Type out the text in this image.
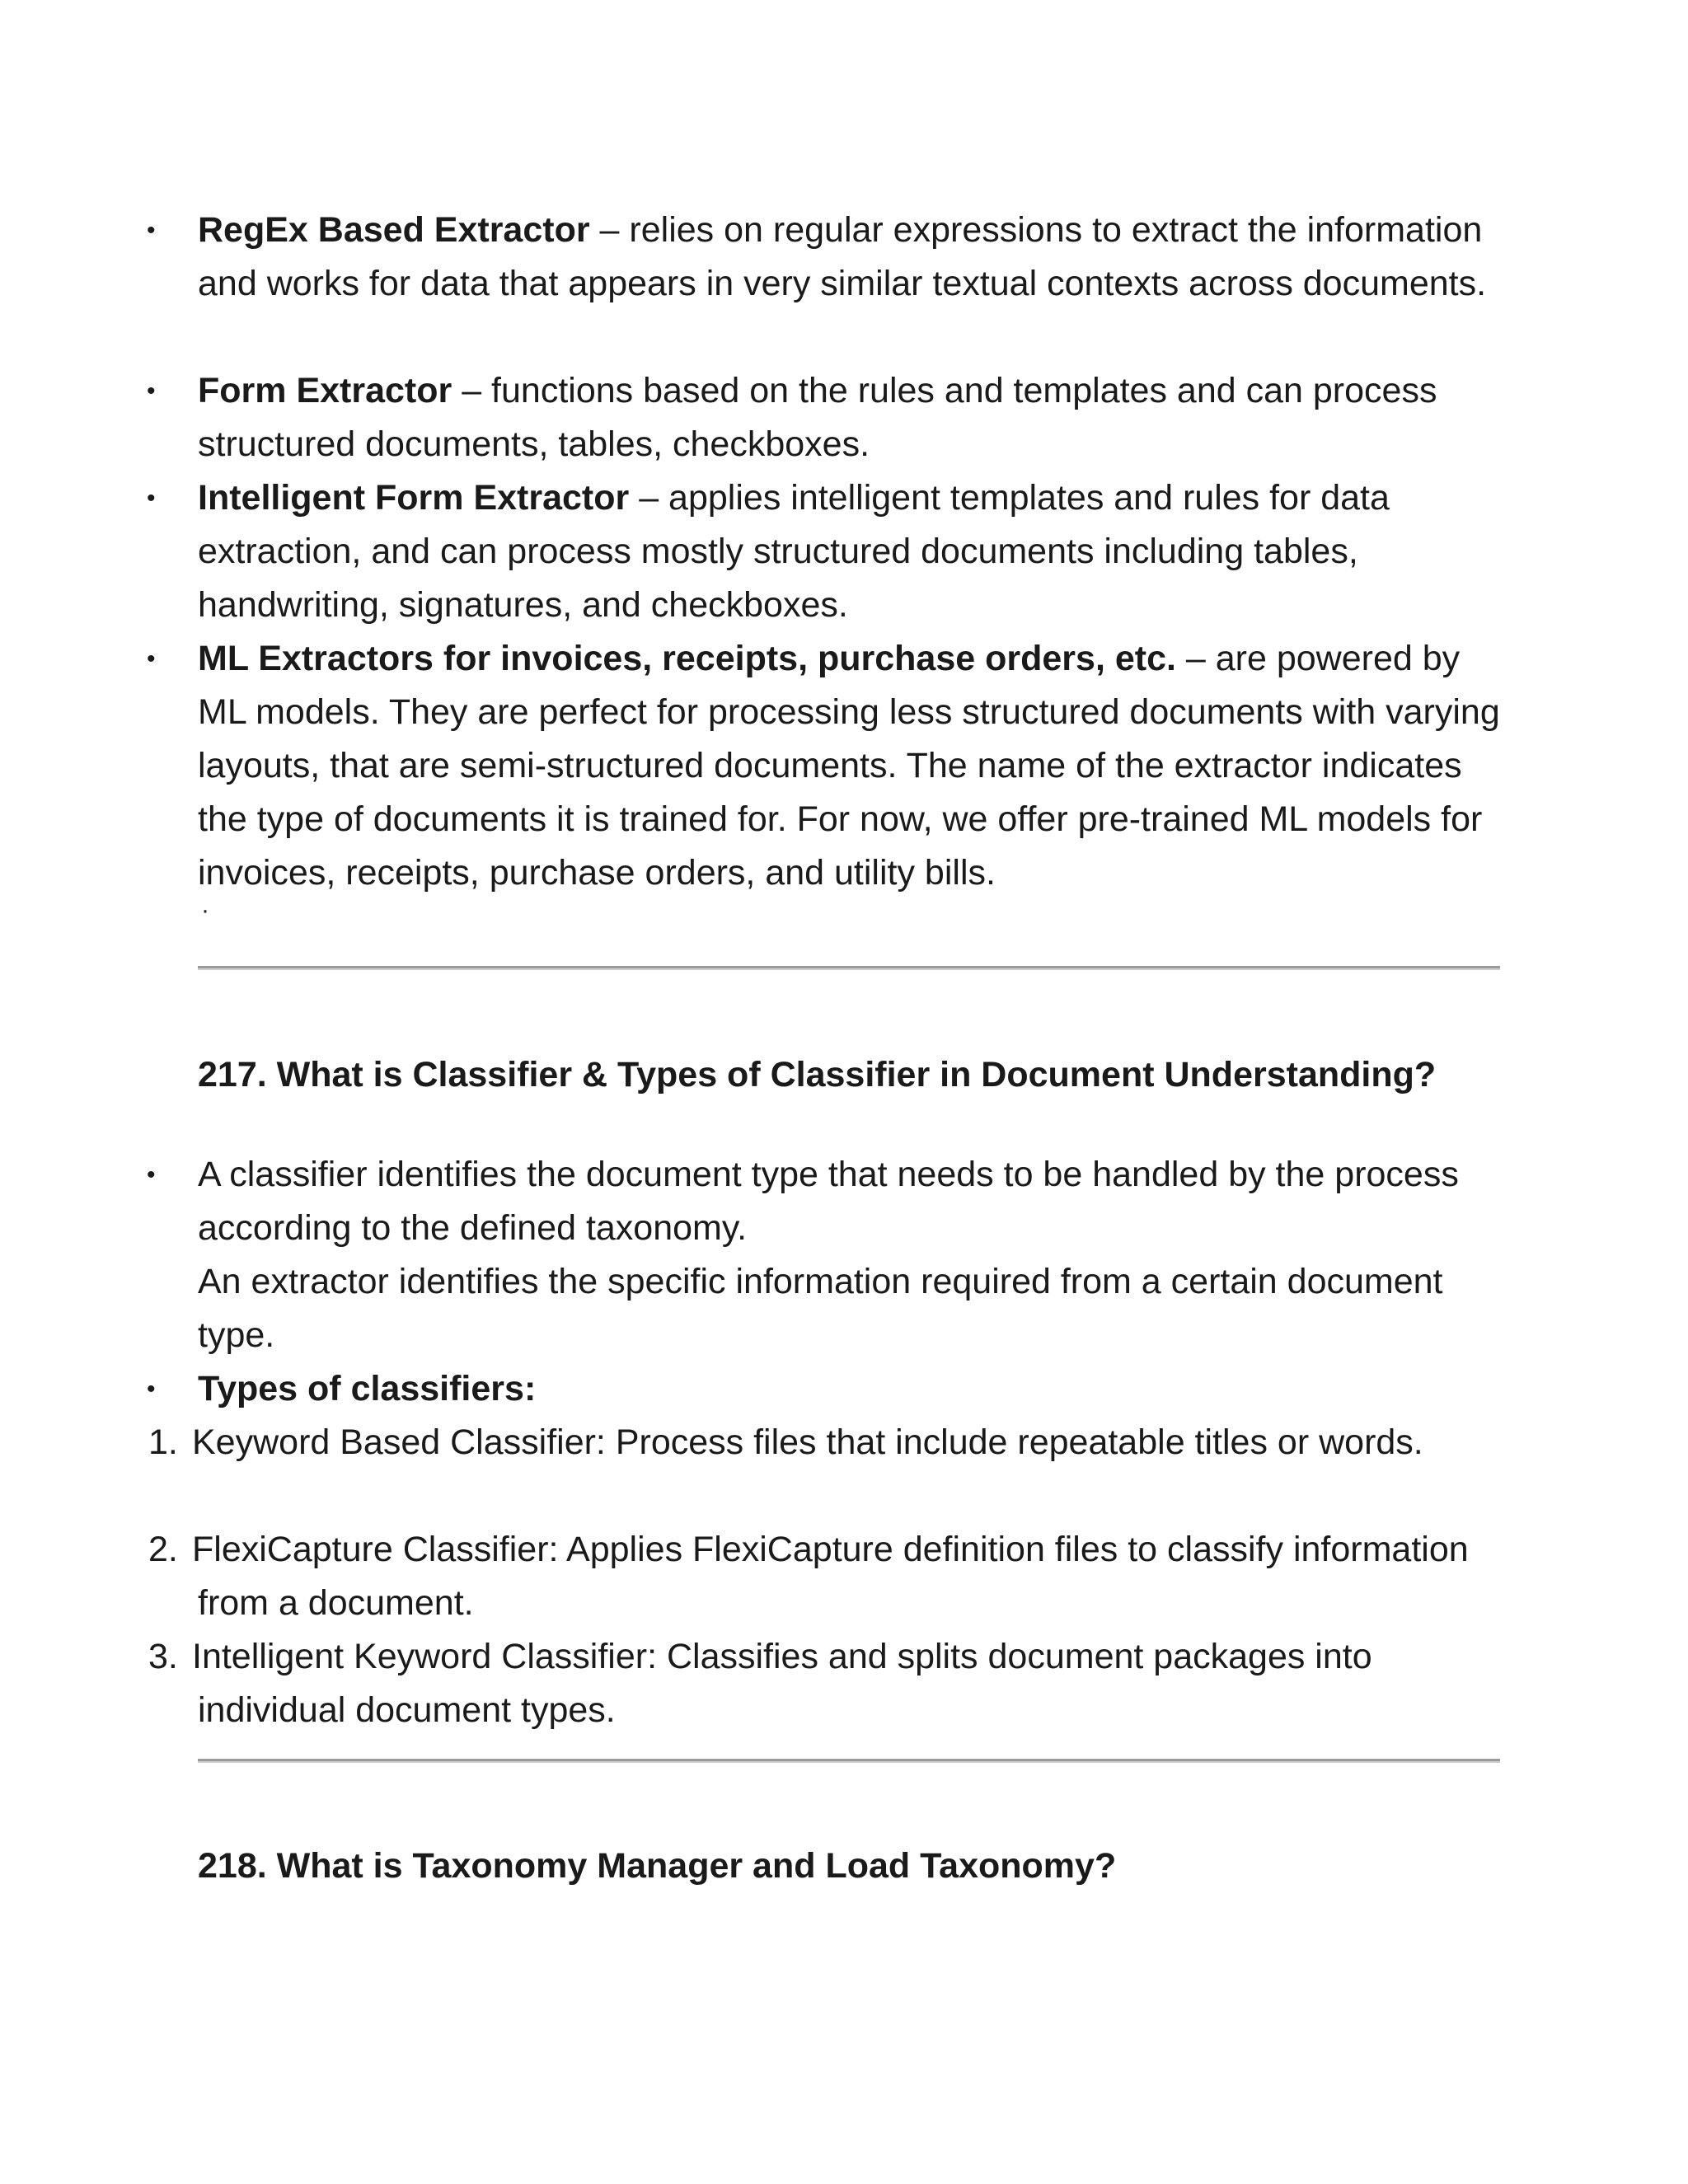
• RegEx Based Extractor – relies on regular expressions to extract the information and works for data that appears in very similar textual contexts across documents.
• Form Extractor – functions based on the rules and templates and can process structured documents, tables, checkboxes.
• Intelligent Form Extractor – applies intelligent templates and rules for data extraction, and can process mostly structured documents including tables, handwriting, signatures, and checkboxes.
• ML Extractors for invoices, receipts, purchase orders, etc. – are powered by ML models. They are perfect for processing less structured documents with varying layouts, that are semi-structured documents. The name of the extractor indicates the type of documents it is trained for. For now, we offer pre-trained ML models for invoices, receipts, purchase orders, and utility bills.
·
217. What is Classifier & Types of Classifier in Document Understanding?
• A classifier identifies the document type that needs to be handled by the process according to the defined taxonomy.
An extractor identifies the specific information required from a certain document type.
• Types of classifiers:
1. Keyword Based Classifier: Process files that include repeatable titles or words.
2. FlexiCapture Classifier: Applies FlexiCapture definition files to classify information from a document.
3. Intelligent Keyword Classifier: Classifies and splits document packages into individual document types.
218. What is Taxonomy Manager and Load Taxonomy?
